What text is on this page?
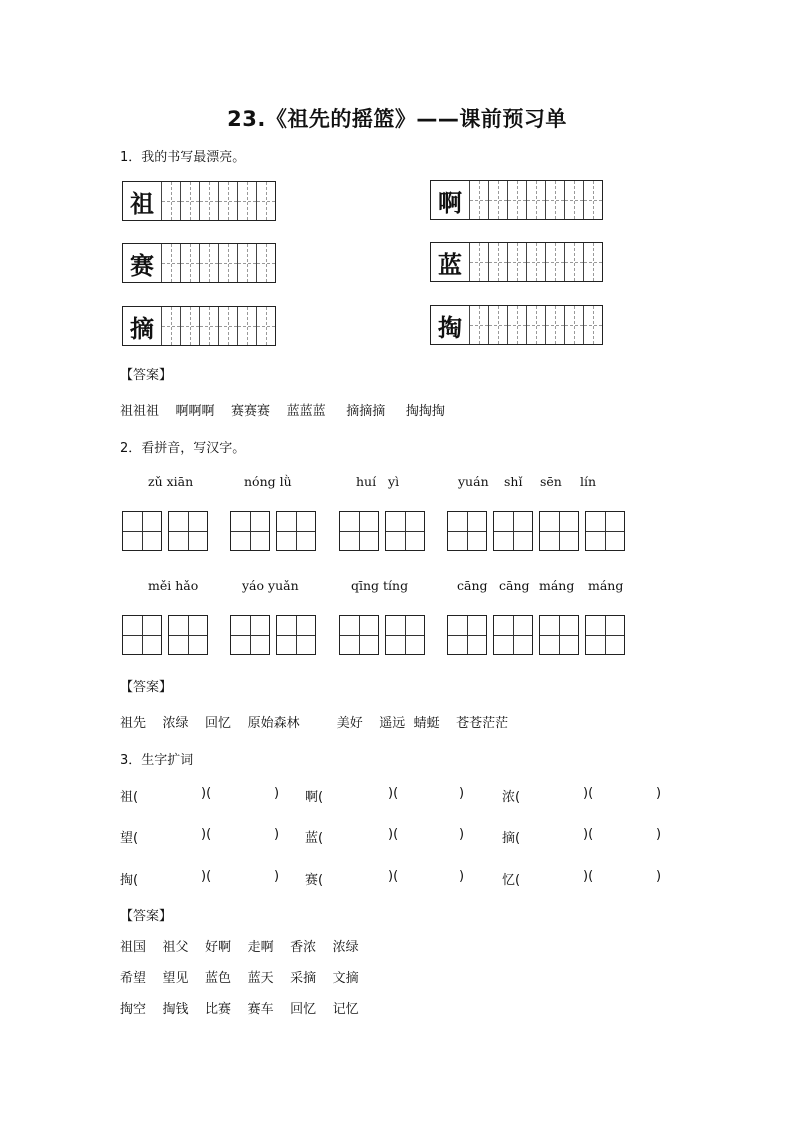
23.《祖先的摇篮》——课前预习单
1．我的书写最漂亮。
祖	啊
赛	蓝
摘	掏
【答案】
祖祖祖    啊啊啊    赛赛赛    蓝蓝蓝     摘摘摘     掏掏掏
2．看拼音，写汉字。
zǔ xiān	nóng lǜ	huí   yì	yuán shǐ sēn lín
měi hǎo	yáo yuǎn	qīng tíng	cāng cāng máng máng
【答案】
祖先    浓绿    回忆    原始森林         美好    遥远  蜻蜓    苍苍茫茫
3．生字扩词
祖(	)(	) 啊(	)(	)	浓(	)(	)
望(	)(	) 蓝(	)(	)	摘(	)(	)
掏(	)(	) 赛(	)(	)	忆(	)(	)
【答案】
祖国    祖父    好啊    走啊    香浓    浓绿
希望    望见    蓝色    蓝天    采摘    文摘
掏空    掏钱    比赛    赛车    回忆    记忆
